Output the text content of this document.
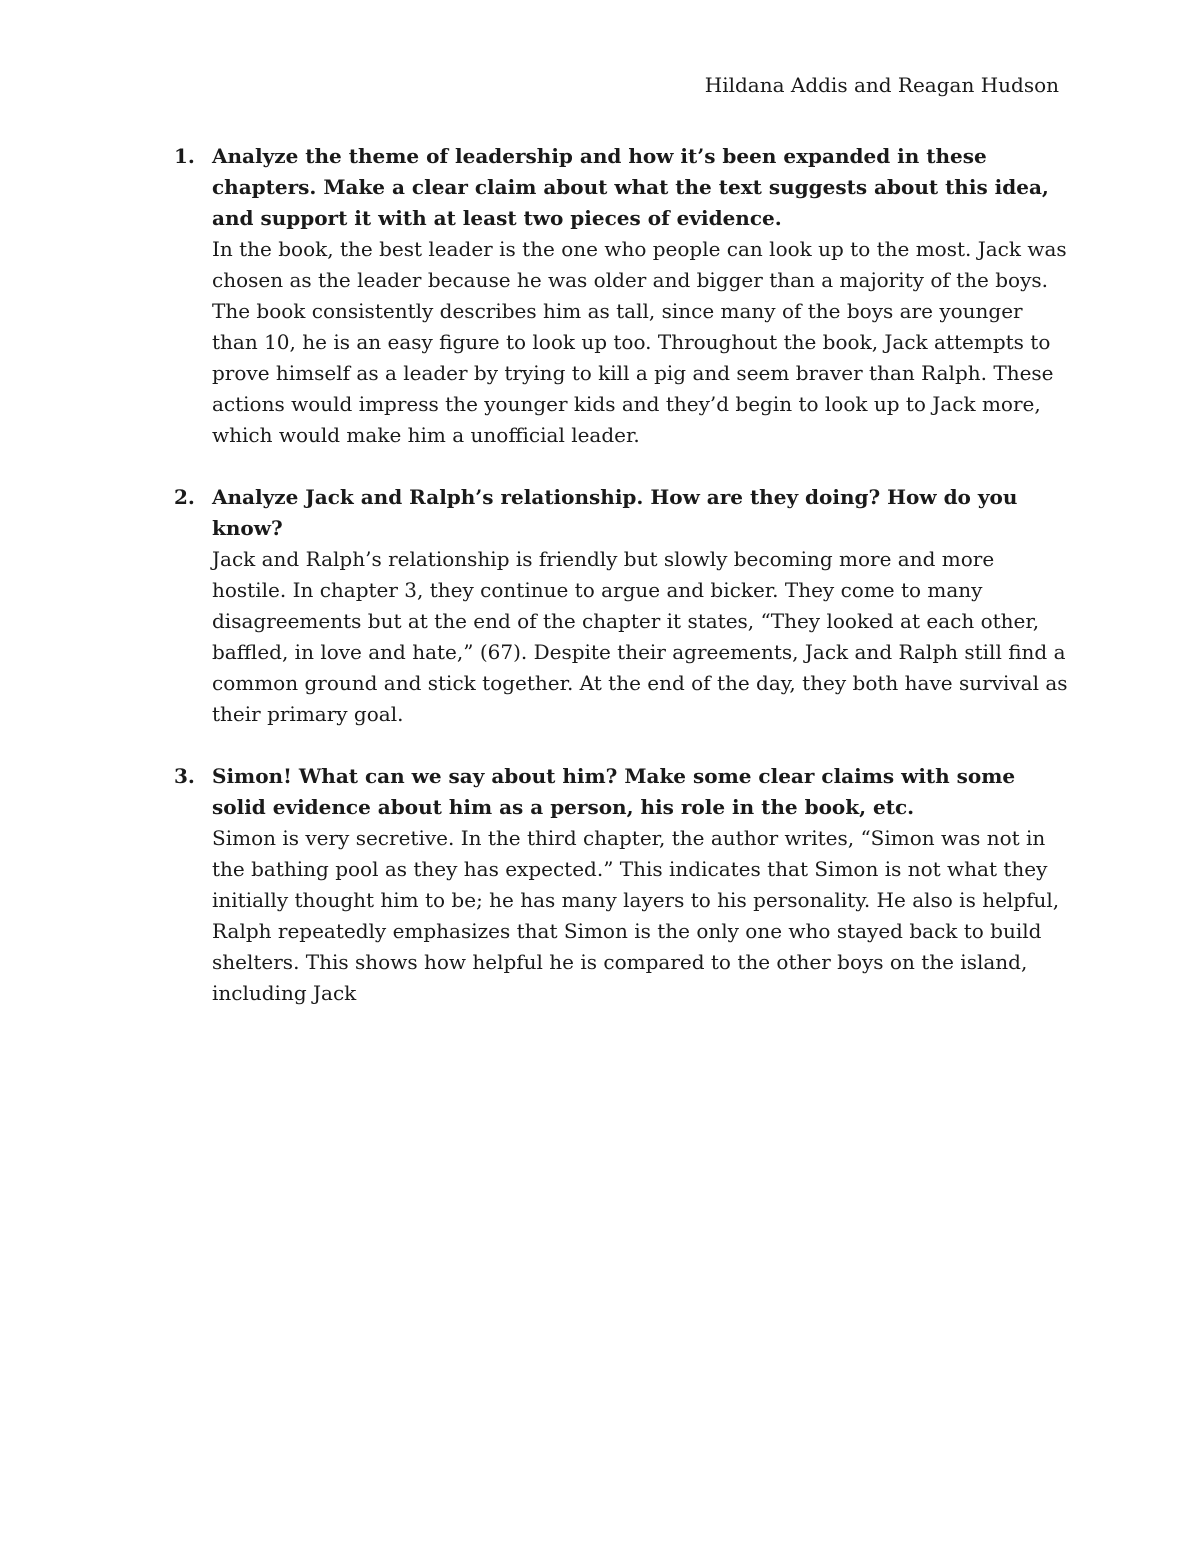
Hildana Addis and Reagan Hudson
1. Analyze the theme of leadership and how it’s been expanded in these chapters. Make a clear claim about what the text suggests about this idea, and support it with at least two pieces of evidence.
In the book, the best leader is the one who people can look up to the most. Jack was chosen as the leader because he was older and bigger than a majority of the boys. The book consistently describes him as tall, since many of the boys are younger than 10, he is an easy figure to look up too. Throughout the book, Jack attempts to prove himself as a leader by trying to kill a pig and seem braver than Ralph. These actions would impress the younger kids and they’d begin to look up to Jack more, which would make him a unofficial leader.
2. Analyze Jack and Ralph’s relationship. How are they doing? How do you know?
Jack and Ralph’s relationship is friendly but slowly becoming more and more hostile. In chapter 3, they continue to argue and bicker. They come to many disagreements but at the end of the chapter it states, “They looked at each other, baffled, in love and hate,” (67). Despite their agreements, Jack and Ralph still find a common ground and stick together. At the end of the day, they both have survival as their primary goal.
3. Simon! What can we say about him? Make some clear claims with some solid evidence about him as a person, his role in the book, etc.
Simon is very secretive. In the third chapter, the author writes, “Simon was not in the bathing pool as they has expected.” This indicates that Simon is not what they initially thought him to be; he has many layers to his personality. He also is helpful, Ralph repeatedly emphasizes that Simon is the only one who stayed back to build shelters. This shows how helpful he is compared to the other boys on the island, including Jack
